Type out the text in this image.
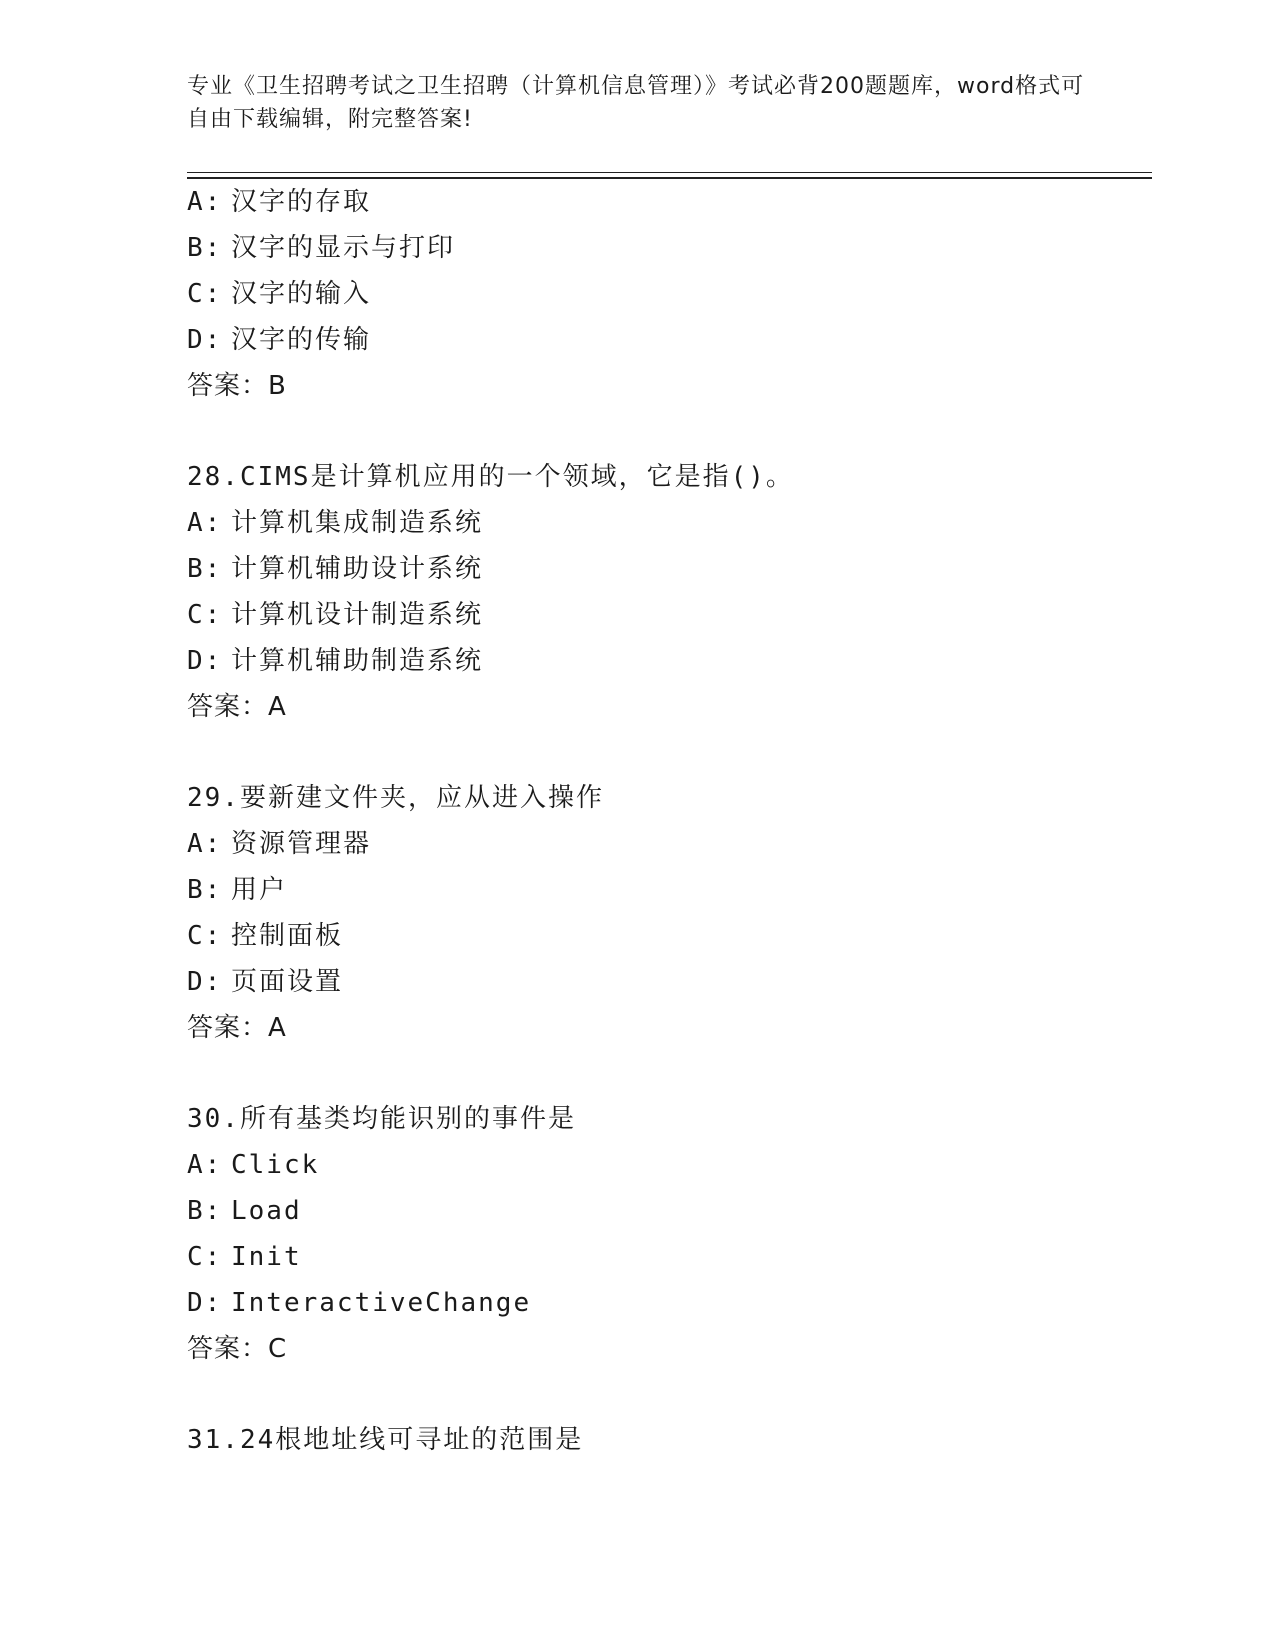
专业《卫生招聘考试之卫生招聘（计算机信息管理）》考试必背200题题库，word格式可自由下载编辑，附完整答案!
A: 汉字的存取
B: 汉字的显示与打印
C: 汉字的输入
D: 汉字的传输
答案：B
28.CIMS是计算机应用的一个领域，它是指()。
A: 计算机集成制造系统
B: 计算机辅助设计系统
C: 计算机设计制造系统
D: 计算机辅助制造系统
答案：A
29.要新建文件夹，应从进入操作
A: 资源管理器
B: 用户
C: 控制面板
D: 页面设置
答案：A
30.所有基类均能识别的事件是
A: Click
B: Load
C: Init
D: InteractiveChange
答案：C
31.24根地址线可寻址的范围是
